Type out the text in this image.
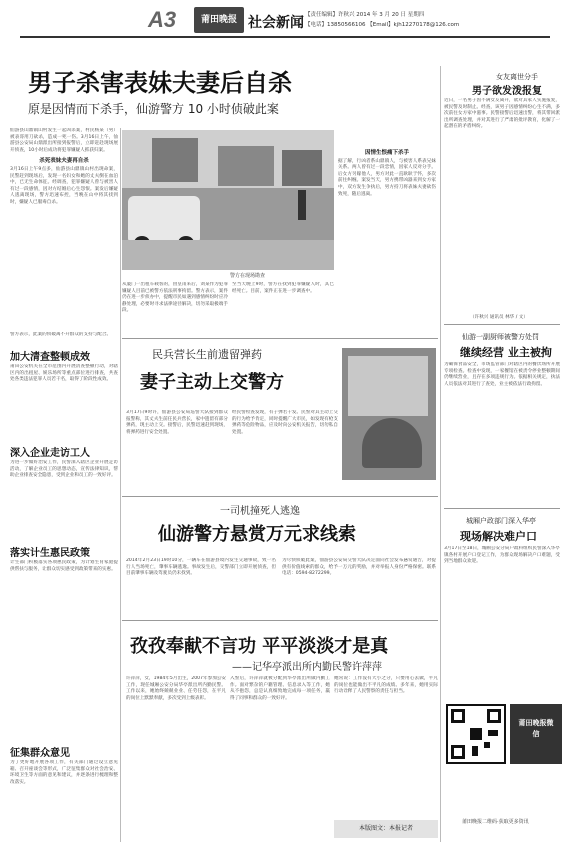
A3	莆田晚报 社会新闻 【责任编辑】许秋兴 2014 年 3 月 20 日 星期四
【电话】13850566106 【Email】kjh12270178@126.com
男子杀害表妹夫妻后自杀
原是因情而下杀手，仙游警方 10 小时侦破此案

仙游县山鼎镇山村发生一起凶杀案，村民杨某（男）被表哥用刀砍杀，造成一死一伤。3月16日上午，仙游县公安局山鼎派出所接到报警后，立即赶赴现场展开侦查，10小时后成功将犯罪嫌疑人抓获归案。

杀死表妹夫妻再自杀

3月16日上午9点多，仙游县山鼎镇山村出现命案，民警赶到现场后，发现一名妇女和她的丈夫倒在血泊中，已无生命体征。经调查，犯罪嫌疑人曾与被害人有过一段感情，因对方结婚后心生怨恨。案发后嫌疑人逃离现场，警方迅速布控，当晚在山中将其找到时，嫌疑人已服毒自杀。

警方在现场勘查
从厦门一出租车载客的，由皇甫来后，刘某作为犯罪嫌疑人目前已被警方依法刑事拘留。警方表示，案件仍在进一步侦办中，提醒市民如遇到感情纠纷时应冷静处理，必要时寻求法律途径解决，切勿采取极端手段。
至当天晚上9时，警方在找到犯罪嫌疑人时，其已经死亡。目前，案件正在进一步调查中。

因情生恨痛下杀手

据了解，行凶者系山鼎镇人，与被害人系表兄妹关系。两人曾有过一段恋情，因家人反对分手。后女方另嫁他人，男方对此一直耿耿于怀，多次前往纠缠。案发当天，男方携带凶器来到女方家中，双方发生争执后，男方持刀将表妹夫妻砍伤致死，随后逃离。

警方表示，此案的侦破离不开群众的支持与配合。
加大清查整顿成效
莆田公安机关在全市范围内开展清查整顿行动，对辖区内的出租屋、娱乐场所等重点部位进行排查，共查处各类违法犯罪人员若干名，取得了阶段性成效。
深入企业走访工人
为进一步做好治安工作，民警深入辖区企业开展走访活动，了解企业员工的思想动态，宣传法律知识，帮助企业排查安全隐患，受到企业和员工的一致好评。
落实计生惠民政策
计生部门积极落实各项惠民政策，为计划生育家庭提供帮扶与服务，让群众切实感受到政策带来的实惠。
征集群众意见
为了更好地开展各项工作，有关部门通过设立意见箱、召开座谈会等形式，广泛征集群众对社会治安、环境卫生等方面的意见和建议，并逐条进行梳理和整改落实。
民兵营长生前遗留弹药
妻子主动上交警方
3月17日9时许，仙游县公安局巡警大队接到群众报警称，其丈夫生前任民兵营长，家中遗留有部分弹药，现主动上交。接警后，民警迅速赶到现场，将弹药进行安全处置。
经民警检查发现，有子弹若干发。民警对其主动上交的行为给予肯定，同时提醒广大市民，如发现有枪支弹药等危险物品，应及时向公安机关报告，切勿私自处置。
一司机撞死人逃逸
仙游警方悬赏万元求线索
2014年2月23日19时10分，一辆车在仙游县境内发生交通事故，致一名行人当场死亡，肇事车辆逃逸。事故发生后，交警部门立即开展侦查，但目前肇事车辆及驾驶员仍未找到。
为尽快侦破此案，仙游县公安局交警大队决定面向社会发布悬赏通告，对提供有价值线索的群众，给予一万元的奖励，并对举报人身份严格保密。联系电话：0594-8272299。
孜孜奉献不言功 平平淡淡才是真
——记华亭派出所内勤民警许萍萍
许萍萍，女，1984年5月出生，2007年参加公安工作，现任城厢公安分局华亭派出所内勤民警。工作以来，她始终兢兢业业、任劳任怨，在平凡的岗位上默默奉献，多次受到上级表彰。
入警后，许萍萍就被分配到华亭派出所做内勤工作。面对繁杂的户籍管理、信息录入等工作，她从不抱怨，总是认真细致地完成每一项任务，赢得了同事和群众的一致好评。
她常说：工作没有大小之分，只要用心去做，平凡的岗位也能做出不平凡的成绩。多年来，她用实际行动诠释了人民警察的责任与担当。
本版图文：本报记者
女友离世分手
男子欲发泼报复
近日，一名男子因不满女友离开，欲对其家人实施报复，被民警及时制止。经查，该男子因感情纠纷心生不满，多次前往女方家中滋事。民警接警后迅速出警，将其带回派出所调查处理，并对其进行了严肃的批评教育，化解了一起潜在的矛盾纠纷。
（许秋兴 通讯员 林华 / 文）
仙游一副厨师被警方处罚
继续经营 业主被拘
为确保食品安全，市场监管部门对辖区内的餐饮场所开展专项检查。检查中发现，一家餐馆在被责令停业整顿期间仍继续营业，且存在多项违规行为。依据相关规定，执法人员依法对其进行了查处，业主被依法行政拘留。
城厢户政部门深入华亭
现场解决难户口
3月17日至18日，城厢公安分局户政科组织民警深入华亭镇各村开展户口登记工作，为群众现场解决户口难题，受到当地群众欢迎。
莆田晚报微信
莆田晚报二维码·获取更多资讯
